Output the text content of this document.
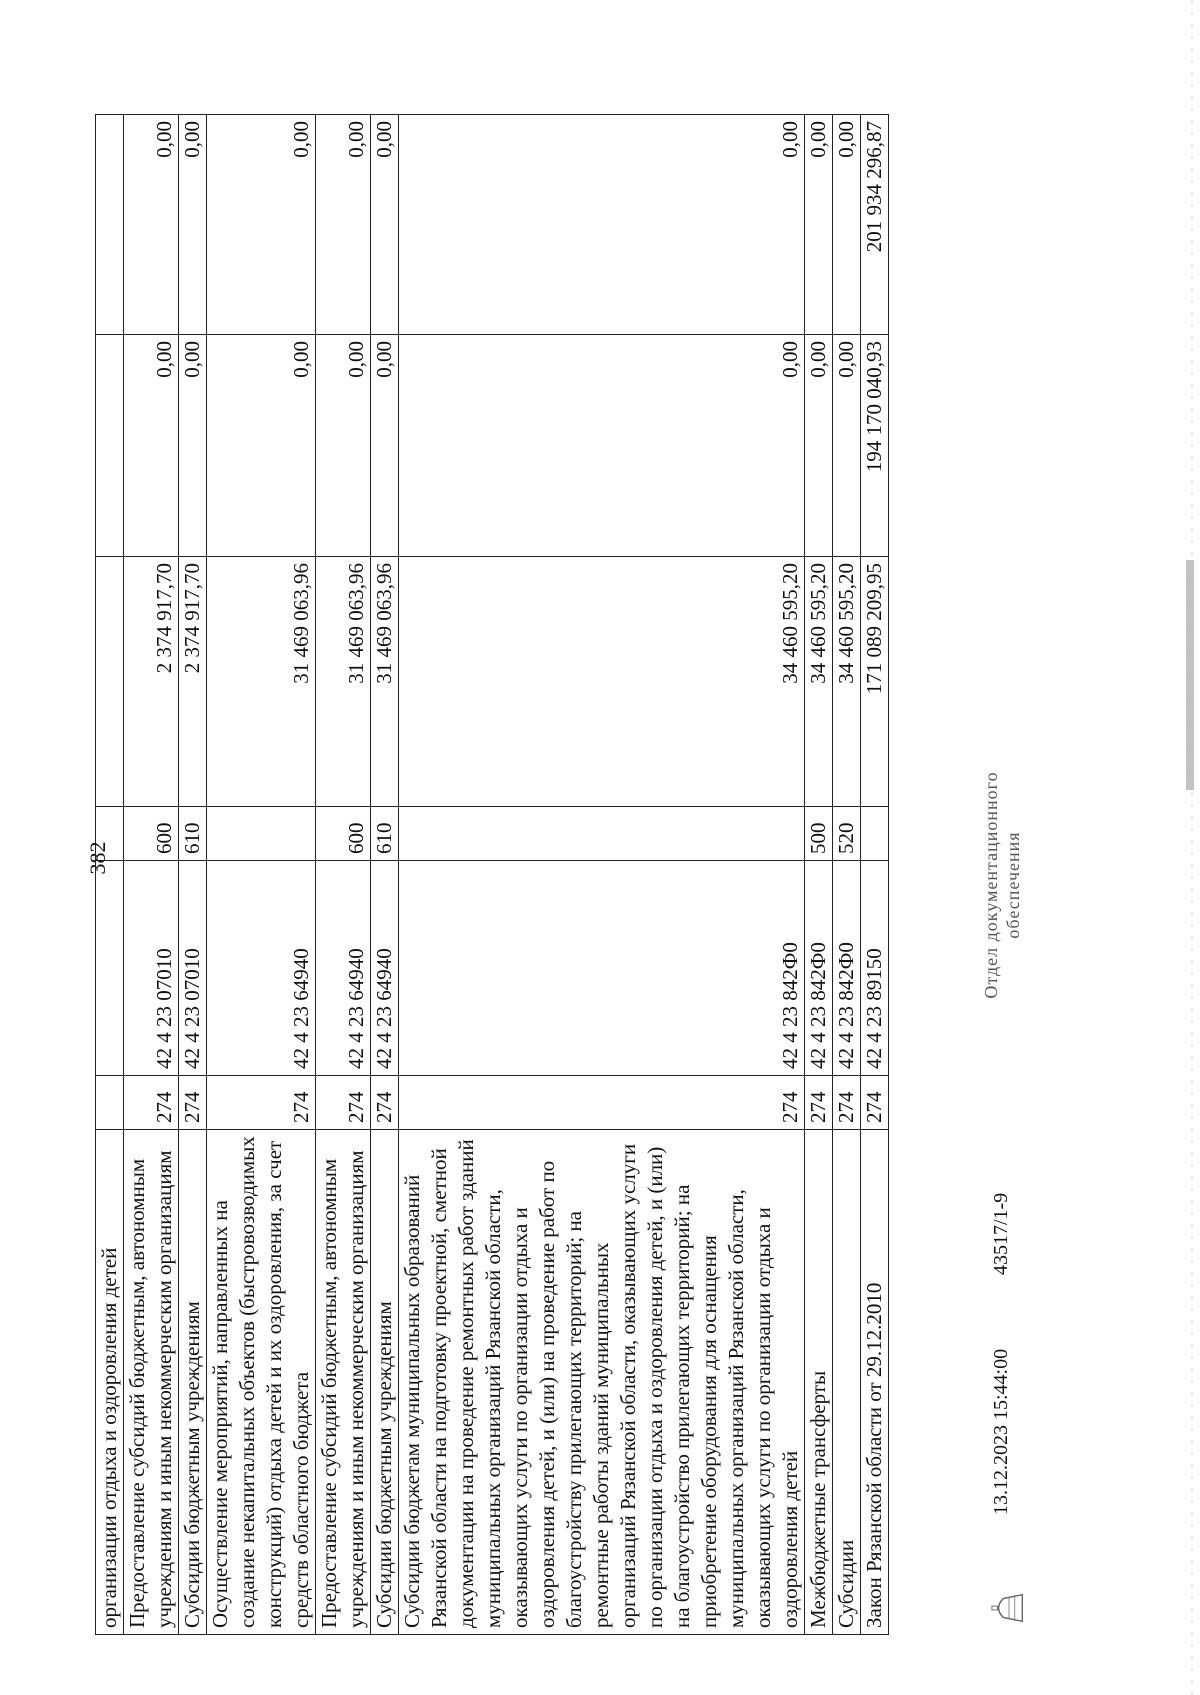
382
организации отдыха и оздоровления детей						
Предоставление субсидий бюджетным, автономным учреждениям и иным некоммерческим организациям	274	42 4 23 07010	600	2 374 917,70	0,00	0,00
Субсидии бюджетным учреждениям	274	42 4 23 07010	610	2 374 917,70	0,00	0,00
Осуществление мероприятий, направленных на создание некапитальных объектов (быстровозводимых конструкций) отдыха детей и их оздоровления, за счет средств областного бюджета	274	42 4 23 64940		31 469 063,96	0,00	0,00
Предоставление субсидий бюджетным, автономным учреждениям и иным некоммерческим организациям	274	42 4 23 64940	600	31 469 063,96	0,00	0,00
Субсидии бюджетным учреждениям	274	42 4 23 64940	610	31 469 063,96	0,00	0,00
Субсидии бюджетам муниципальных образований Рязанской области на подготовку проектной, сметной документации на проведение ремонтных работ зданий муниципальных организаций Рязанской области, оказывающих услуги по организации отдыха и оздоровления детей, и (или) на проведение работ по благоустройству прилегающих территорий; на ремонтные работы зданий муниципальных организаций Рязанской области, оказывающих услуги по организации отдыха и оздоровления детей, и (или) на благоустройство прилегающих территорий; на приобретение оборудования для оснащения муниципальных организаций Рязанской области, оказывающих услуги по организации отдыха и оздоровления детей	274	42 4 23 842Ф0		34 460 595,20	0,00	0,00
Межбюджетные трансферты	274	42 4 23 842Ф0	500	34 460 595,20	0,00	0,00
Субсидии	274	42 4 23 842Ф0	520	34 460 595,20	0,00	0,00
Закон Рязанской области от 29.12.2010	274	42 4 23 89150		171 089 209,95	194 170 040,93	201 934 296,87
13.12.2023 15:44:00
43517/1-9
Отдел документационного обеспечения
